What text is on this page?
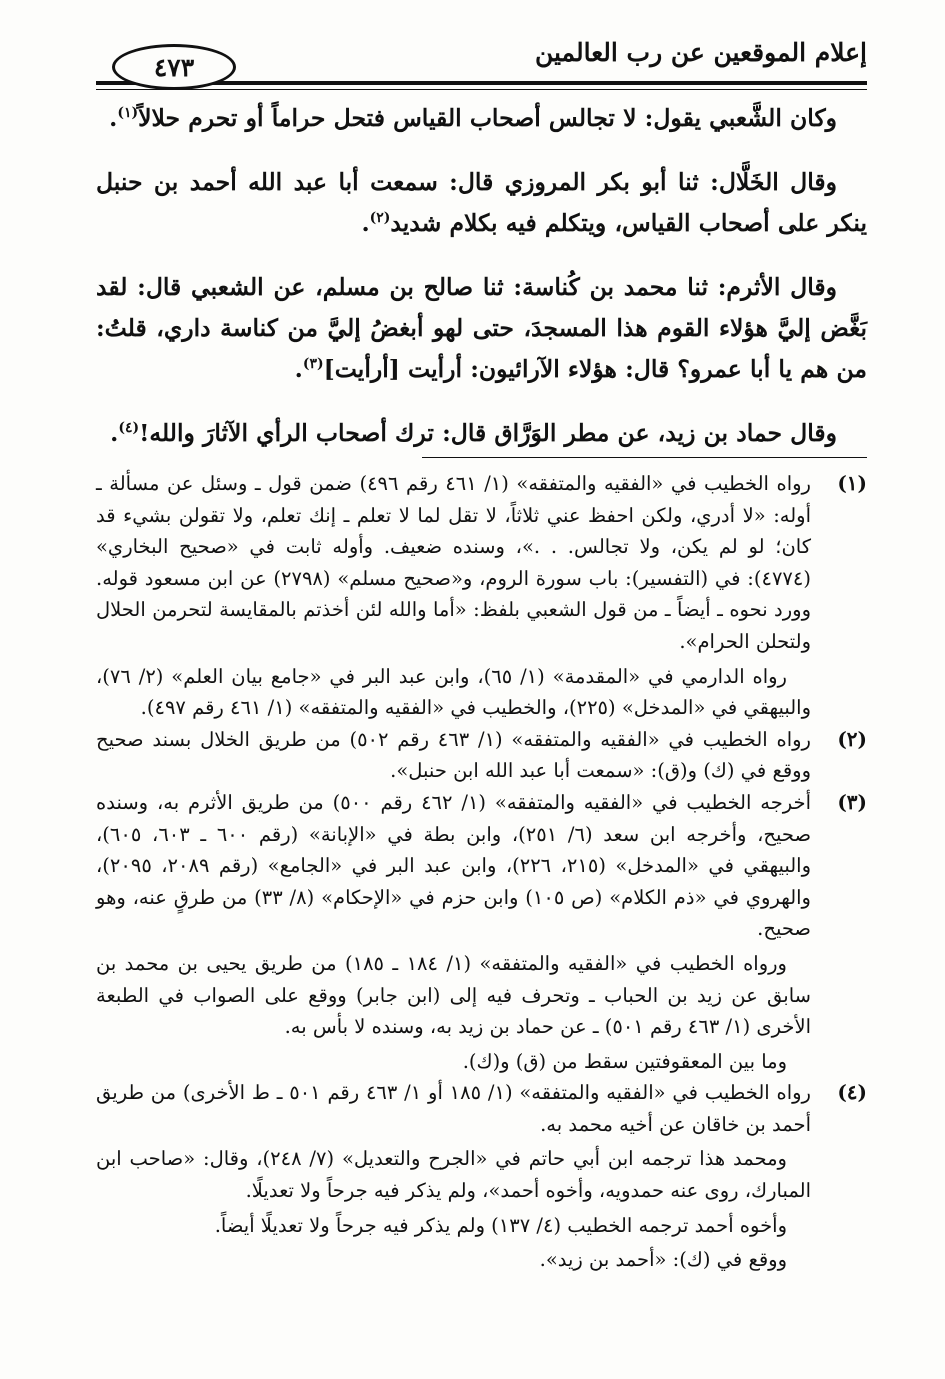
إعلام الموقعين عن رب العالمين
٤٧٣

وكان الشَّعبي يقول: لا تجالس أصحاب القياس فتحل حراماً أو تحرم حلالاً$^{(١)}$.

وقال الخَلَّال: ثنا أبو بكر المروزي قال: سمعت أبا عبد الله أحمد بن حنبل ينكر على أصحاب القياس، ويتكلم فيه بكلام شديد$^{(٢)}$.

وقال الأثرم: ثنا محمد بن كُناسة: ثنا صالح بن مسلم، عن الشعبي قال: لقد بَغَّض إليَّ هؤلاء القوم هذا المسجدَ، حتى لهو أبغضُ إليَّ من كناسة داري، قلتُ: من هم يا أبا عمرو؟ قال: هؤلاء الآرائيون: أرأيت [أرأيت]$^{(٣)}$.

وقال حماد بن زيد، عن مطر الوَرَّاق قال: ترك أصحاب الرأي الآثارَ والله!$^{(٤)}$.

(١)

رواه الخطيب في «الفقيه والمتفقه» (١/ ٤٦١ رقم ٤٩٦) ضمن قول ـ وسئل عن مسألة ـ أوله: «لا أدري، ولكن احفظ عني ثلاثاً، لا تقل لما لا تعلم ـ إنك تعلم، ولا تقولن بشيء قد كان؛ لو لم يكن، ولا تجالس. . .»، وسنده ضعيف. وأوله ثابت في «صحيح البخاري» (٤٧٧٤): في (التفسير): باب سورة الروم، و«صحيح مسلم» (٢٧٩٨) عن ابن مسعود قوله. وورد نحوه ـ أيضاً ـ من قول الشعبي بلفظ: «أما والله لئن أخذتم بالمقايسة لتحرمن الحلال ولتحلن الحرام».

رواه الدارمي في «المقدمة» (١/ ٦٥)، وابن عبد البر في «جامع بيان العلم» (٢/ ٧٦)، والبيهقي في «المدخل» (٢٢٥)، والخطيب في «الفقيه والمتفقه» (١/ ٤٦١ رقم ٤٩٧).

(٢)

رواه الخطيب في «الفقيه والمتفقه» (١/ ٤٦٣ رقم ٥٠٢) من طريق الخلال بسند صحيح ووقع في (ك) و(ق): «سمعت أبا عبد الله ابن حنبل».

(٣)

أخرجه الخطيب في «الفقيه والمتفقه» (١/ ٤٦٢ رقم ٥٠٠) من طريق الأثرم به، وسنده صحيح، وأخرجه ابن سعد (٦/ ٢٥١)، وابن بطة في «الإبانة» (رقم ٦٠٠ ـ ٦٠٣، ٦٠٥)، والبيهقي في «المدخل» (٢١٥، ٢٢٦)، وابن عبد البر في «الجامع» (رقم ٢٠٨٩، ٢٠٩٥)، والهروي في «ذم الكلام» (ص ١٠٥) وابن حزم في «الإحكام» (٨/ ٣٣) من طرقٍ عنه، وهو صحيح.

ورواه الخطيب في «الفقيه والمتفقه» (١/ ١٨٤ ـ ١٨٥) من طريق يحيى بن محمد بن سابق عن زيد بن الحباب ـ وتحرف فيه إلى (ابن جابر) ووقع على الصواب في الطبعة الأخرى (١/ ٤٦٣ رقم ٥٠١) ـ عن حماد بن زيد به، وسنده لا بأس به.

وما بين المعقوفتين سقط من (ق) و(ك).

(٤)

رواه الخطيب في «الفقيه والمتفقه» (١/ ١٨٥ أو ١/ ٤٦٣ رقم ٥٠١ ـ ط الأخرى) من طريق أحمد بن خاقان عن أخيه محمد به.

ومحمد هذا ترجمه ابن أبي حاتم في «الجرح والتعديل» (٧/ ٢٤٨)، وقال: «صاحب ابن المبارك، روى عنه حمدويه، وأخوه أحمد»، ولم يذكر فيه جرحاً ولا تعديلًا.

وأخوه أحمد ترجمه الخطيب (٤/ ١٣٧) ولم يذكر فيه جرحاً ولا تعديلًا أيضاً.

ووقع في (ك): «أحمد بن زيد».
